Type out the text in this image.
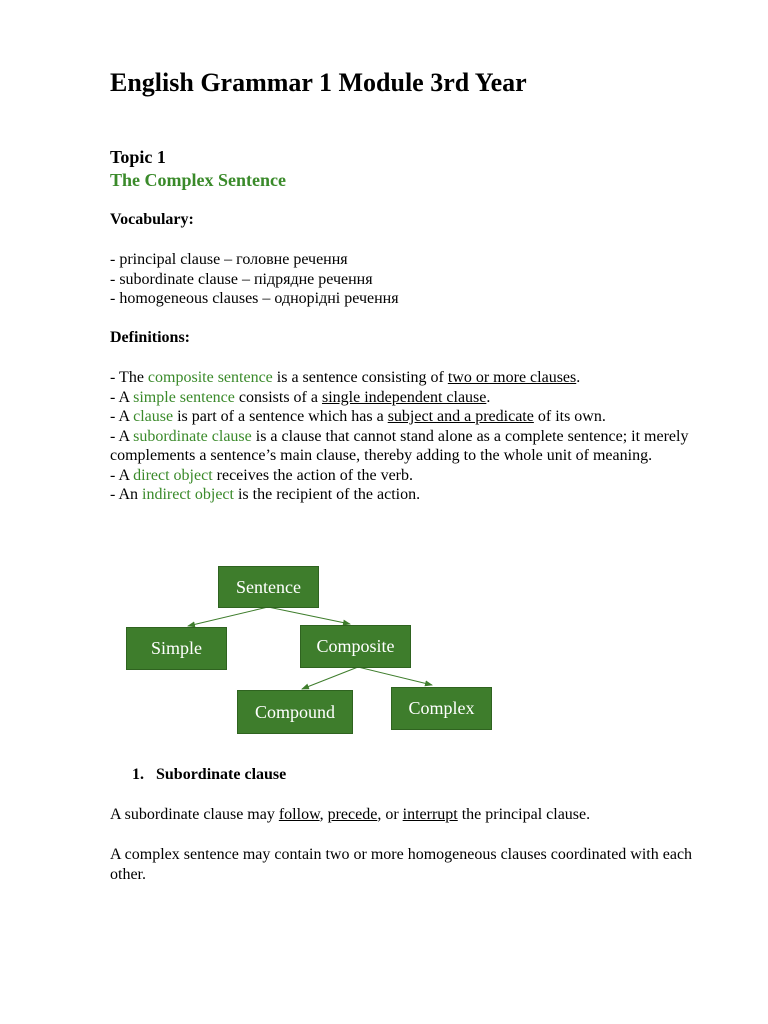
English Grammar 1 Module 3rd Year

Topic 1

The Complex Sentence

Vocabulary:

- principal clause – головне речення
- subordinate clause – підрядне речення
- homogeneous clauses – однорідні речення

Definitions:

- The composite sentence is a sentence consisting of two or more clauses.
- A simple sentence consists of a single independent clause.
- A clause is part of a sentence which has a subject and a predicate of its own.
- A subordinate clause is a clause that cannot stand alone as a complete sentence; it merely complements a sentence’s main clause, thereby adding to the whole unit of meaning.
- A direct object receives the action of the verb.
- An indirect object is the recipient of the action.
Sentence
Simple	Composite
Compound	Complex

1. Subordinate clause

A subordinate clause may follow, precede, or interrupt the principal clause.
A complex sentence may contain two or more homogeneous clauses coordinated with each other.
